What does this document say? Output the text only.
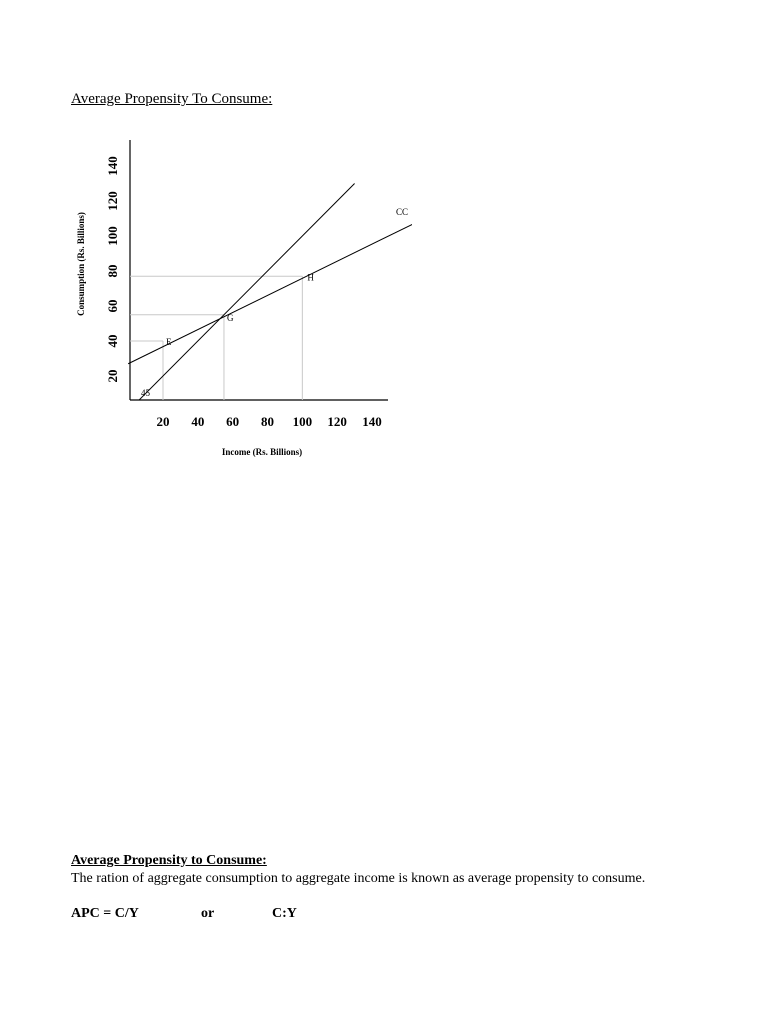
Average Propensity To Consume:
45
CC
E
G
H
20 40 60 80 100 120 140
20
40
60
80
100
120
140
Income (Rs. Billions)
Consumption (Rs. Billions)
Average Propensity to Consume:

The ration of aggregate consumption to aggregate income is known as average propensity to consume.

APC = C/Y	or	C:Y
